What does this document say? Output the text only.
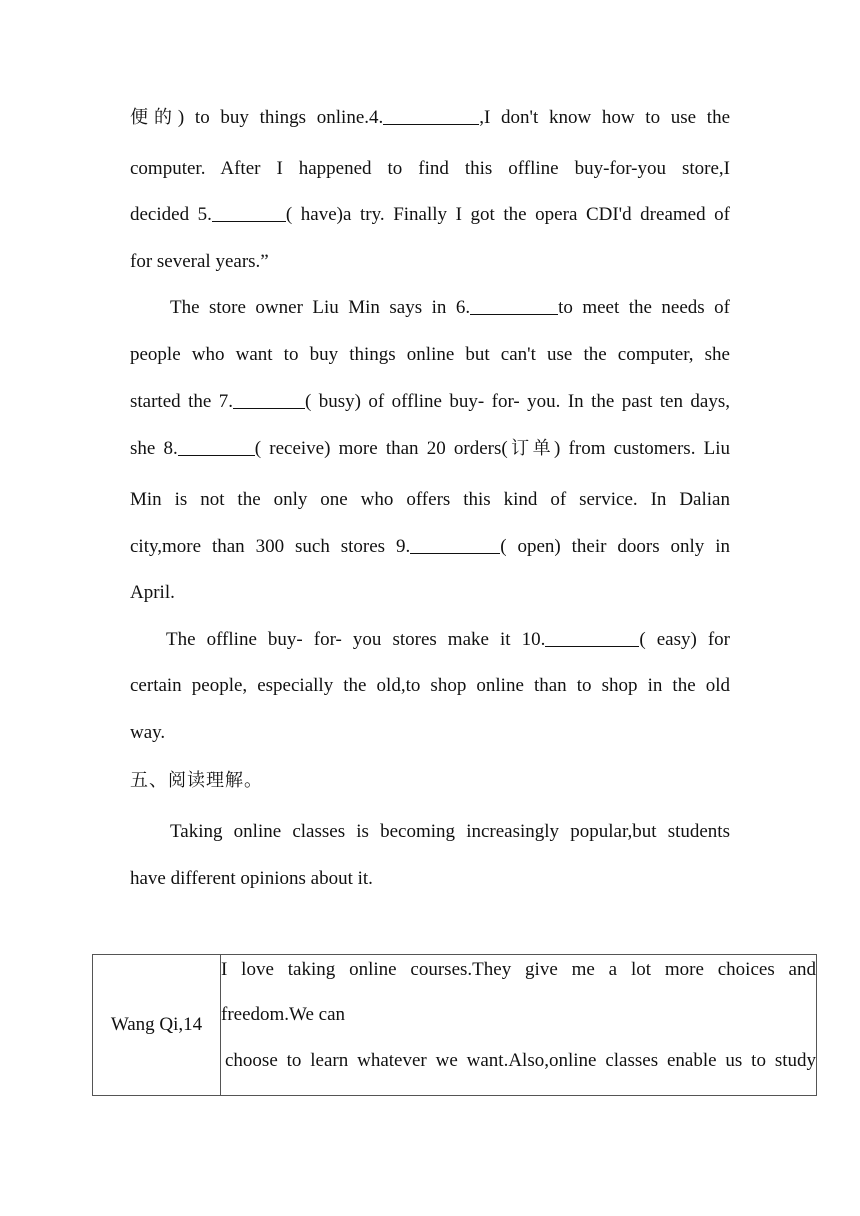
便的) to buy things online.4.	,I don't know how to use the
computer. After I happened to find this offline buy-for-you store,I
decided 5.	( have)a try. Finally I got the opera CDI'd dreamed of
for several years.”
The store owner Liu Min says in 6.	to meet the needs of
people who want to buy things online but can't use the computer, she
started the 7.	( busy) of offline buy- for- you. In the past ten days,
she 8.	( receive) more than 20 orders(订单) from customers. Liu
Min is not the only one who offers this kind of service. In Dalian
city,more than 300 such stores 9.	( open) their doors only in
April.
The offline buy- for- you stores make it 10.	( easy) for
certain people, especially the old,to shop online than to shop in the old
way.
五、阅读理解。
Taking online classes is becoming increasingly popular,but students
have different opinions about it.
Wang Qi,14	
I love taking online courses.They give me a lot more choices and
freedom.We can
choose to learn whatever we want.Also,online classes enable us to study
